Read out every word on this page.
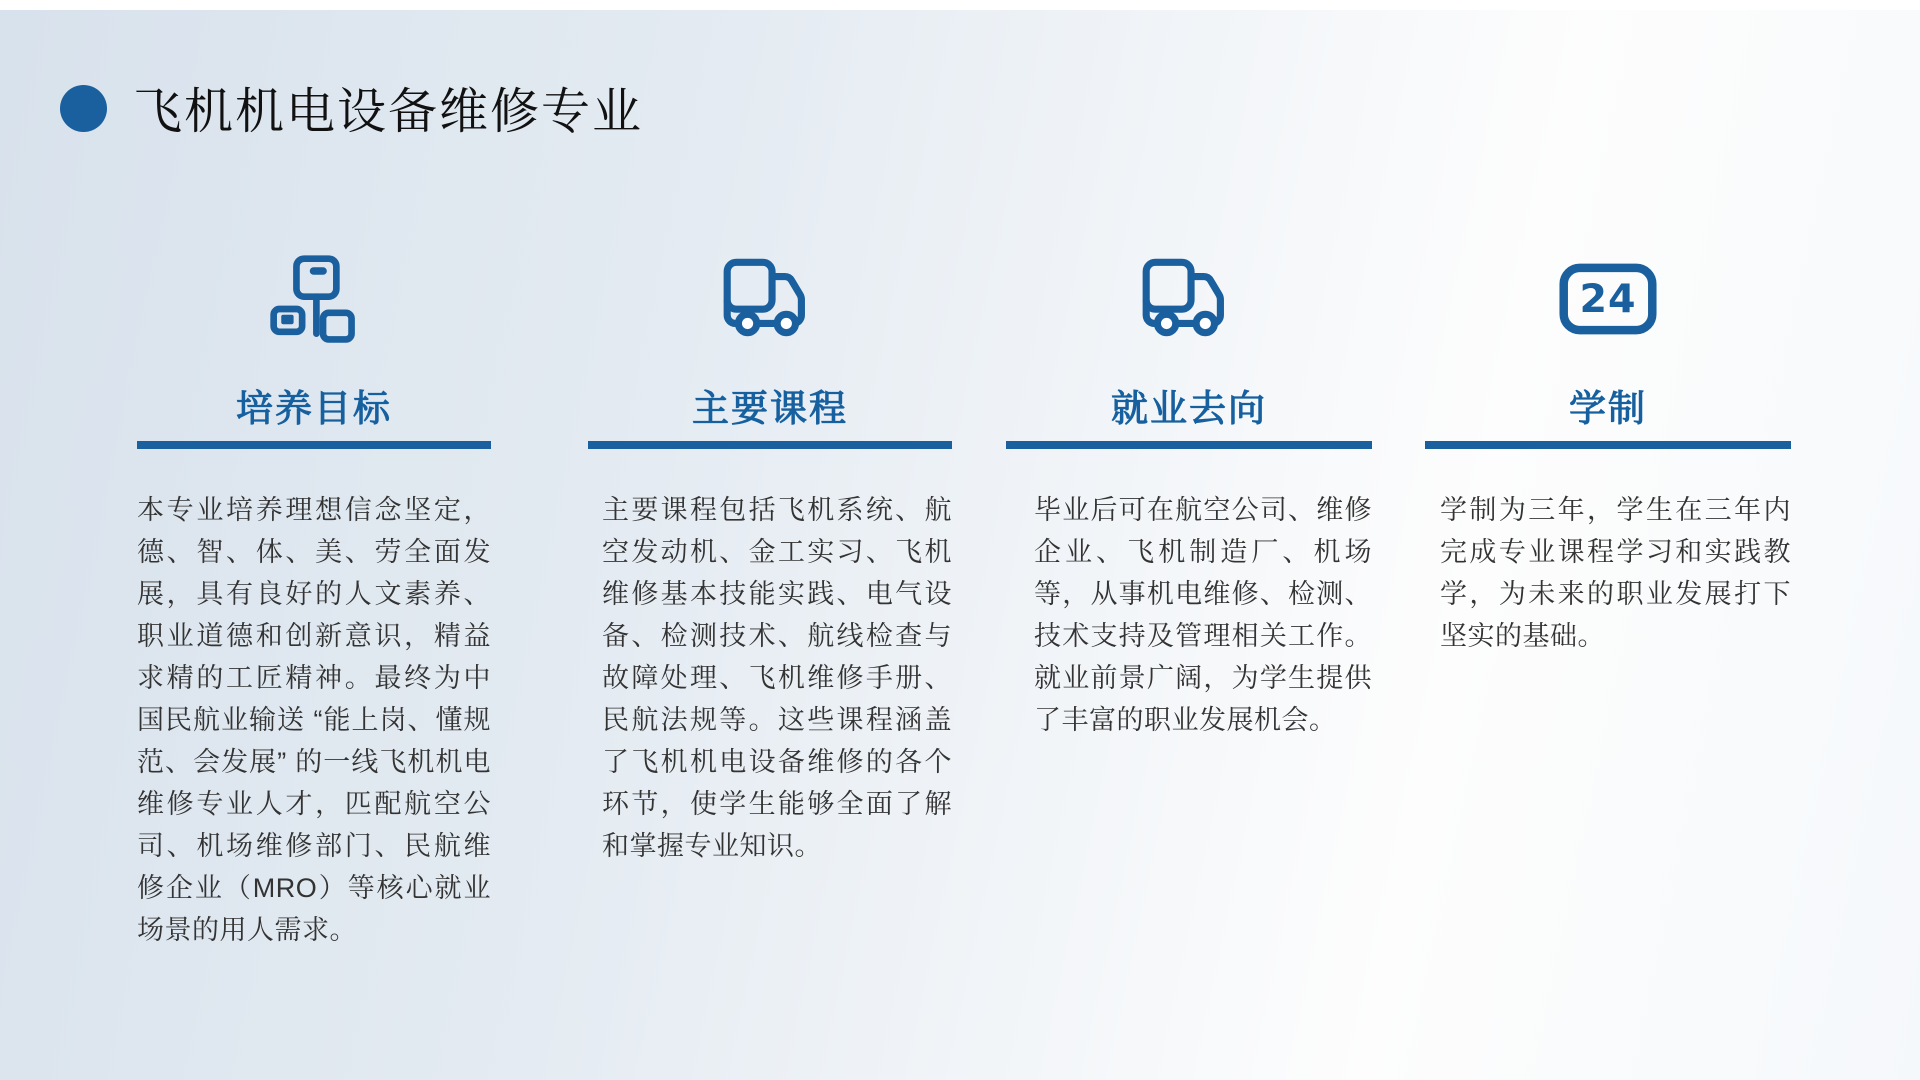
飞机机电设备维修专业
培养目标

本专业培养理想信念坚定，德、智、体、美、劳全面发展，具有良好的人文素养、职业道德和创新意识，精益求精的工匠精神。最终为中国民航业输送 “能上岗、懂规范、会发展” 的一线飞机机电维修专业人才，匹配航空公司、机场维修部门、民航维修企业（MRO）等核心就业场景的用人需求。

主要课程

主要课程包括飞机系统、航空发动机、金工实习、飞机维修基本技能实践、电气设备、检测技术、航线检查与故障处理、飞机维修手册、民航法规等。这些课程涵盖了飞机机电设备维修的各个环节，使学生能够全面了解和掌握专业知识。

就业去向

毕业后可在航空公司、维修企业、飞机制造厂、机场等，从事机电维修、检测、技术支持及管理相关工作。就业前景广阔，为学生提供了丰富的职业发展机会。

24
学制

学制为三年，学生在三年内完成专业课程学习和实践教学，为未来的职业发展打下坚实的基础。
